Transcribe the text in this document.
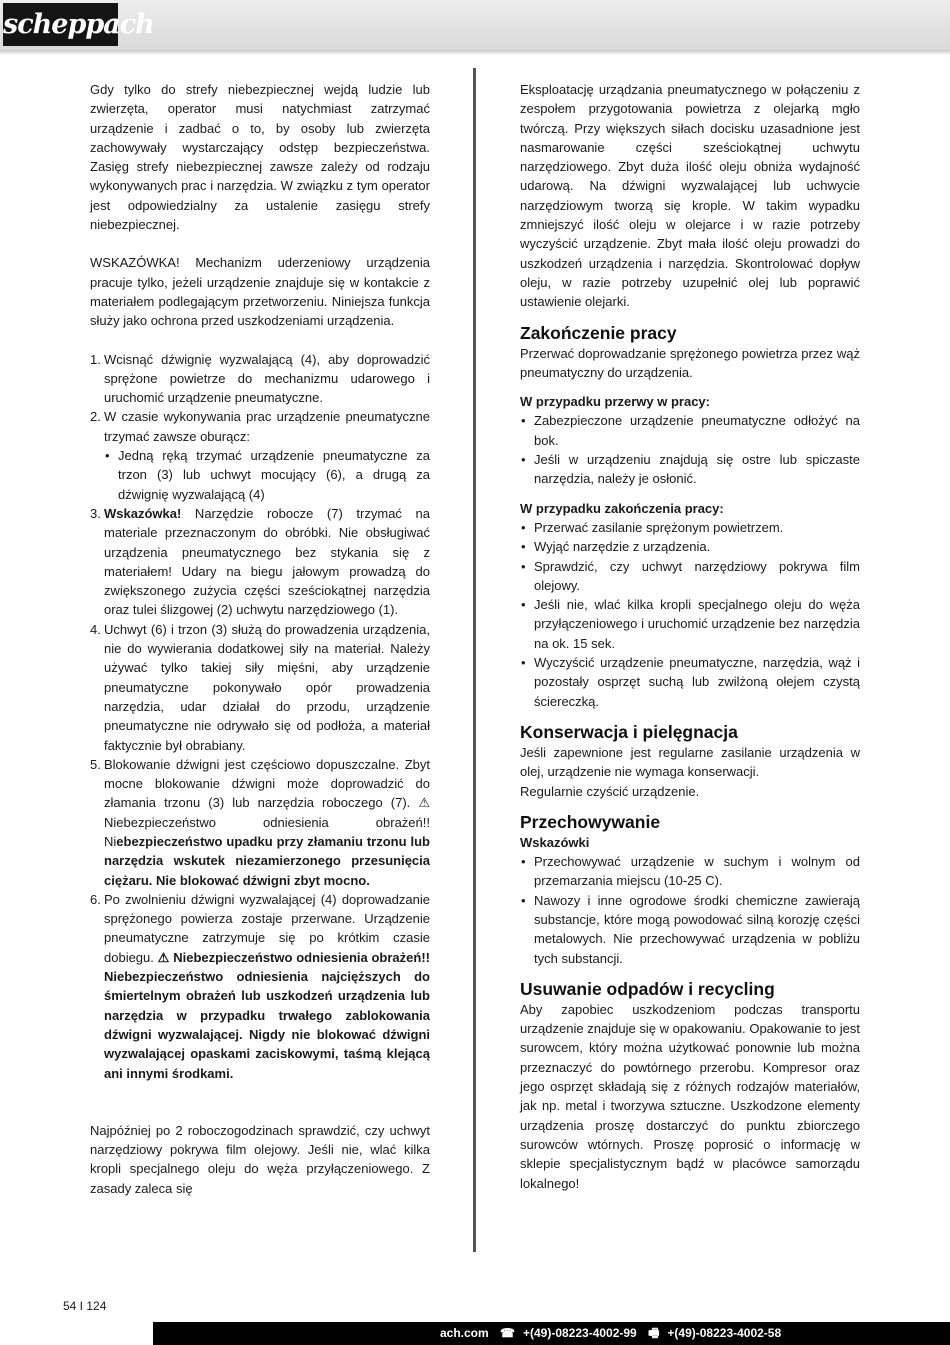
scheppach

Gdy tylko do strefy niebezpiecznej wejdą ludzie lub zwierzęta, operator musi natychmiast zatrzymać urządzenie i zadbać o to, by osoby lub zwierzęta zachowywały wystarczający odstęp bezpieczeństwa. Zasięg strefy niebezpiecznej zawsze zależy od rodzaju wykonywanych prac i narzędzia. W związku z tym operator jest odpowiedzialny za ustalenie zasięgu strefy niebezpiecznej.

WSKAZÓWKA! Mechanizm uderzeniowy urządzenia pracuje tylko, jeżeli urządzenie znajduje się w kontakcie z materiałem podlegającym przetworzeniu. Niniejsza funkcja służy jako ochrona przed uszkodzeniami urządzenia.

1. Wcisnąć dźwignię wyzwalającą (4), aby doprowadzić sprężone powietrze do mechanizmu udarowego i uruchomić urządzenie pneumatyczne.
2. W czasie wykonywania prac urządzenie pneumatyczne trzymać zawsze oburącz:
• Jedną ręką trzymać urządzenie pneumatyczne za trzon (3) lub uchwyt mocujący (6), a drugą za dźwignię wyzwalającą (4)
3. Wskazówka! Narzędzie robocze (7) trzymać na materiale przeznaczonym do obróbki. Nie obsługiwać urządzenia pneumatycznego bez stykania się z materiałem! Udary na biegu jałowym prowadzą do zwiększonego zużycia części sześciokątnej narzędzia oraz tulei ślizgowej (2) uchwytu narzędziowego (1).
4. Uchwyt (6) i trzon (3) służą do prowadzenia urządzenia, nie do wywierania dodatkowej siły na materiał. Należy używać tylko takiej siły mięśni, aby urządzenie pneumatyczne pokonywało opór prowadzenia narzędzia, udar działał do przodu, urządzenie pneumatyczne nie odrywało się od podłoża, a materiał faktycznie był obrabiany.
5. Blokowanie dźwigni jest częściowo dopuszczalne. Zbyt mocne blokowanie dźwigni może doprowadzić do złamania trzonu (3) lub narzędzia roboczego (7). ⚠ Niebezpieczeństwo odniesienia obrażeń!! Niebezpieczeństwo upadku przy złamaniu trzonu lub narzędzia wskutek niezamierzonego przesunięcia ciężaru. Nie blokować dźwigni zbyt mocno.
6. Po zwolnieniu dźwigni wyzwalającej (4) doprowadzanie sprężonego powierza zostaje przerwane. Urządzenie pneumatyczne zatrzymuje się po krótkim czasie dobiegu. ⚠ Niebezpieczeństwo odniesienia obrażeń!! Niebezpieczeństwo odniesienia najcięższych do śmiertelnym obrażeń lub uszkodzeń urządzenia lub narzędzia w przypadku trwałego zablokowania dźwigni wyzwalającej. Nigdy nie blokować dźwigni wyzwalającej opaskami zaciskowymi, taśmą klejącą ani innymi środkami.

Najpóźniej po 2 roboczogodzinach sprawdzić, czy uchwyt narzędziowy pokrywa film olejowy. Jeśli nie, wlać kilka kropli specjalnego oleju do węża przyłączeniowego. Z zasady zaleca się

Eksploatację urządzania pneumatycznego w połączeniu z zespołem przygotowania powietrza z olejarką mgło twórczą. Przy większych siłach docisku uzasadnione jest nasmarowanie części sześciokątnej uchwytu narzędziowego. Zbyt duża ilość oleju obniża wydajność udarową. Na dźwigni wyzwalającej lub uchwycie narzędziowym tworzą się krople. W takim wypadku zmniejszyć ilość oleju w olejarce i w razie potrzeby wyczyścić urządzenie. Zbyt mała ilość oleju prowadzi do uszkodzeń urządzenia i narzędzia. Skontrolować dopływ oleju, w razie potrzeby uzupełnić olej lub poprawić ustawienie olejarki.

Zakończenie pracy

Przerwać doprowadzanie sprężonego powietrza przez wąż pneumatyczny do urządzenia.

W przypadku przerwy w pracy:
• Zabezpieczone urządzenie pneumatyczne odłożyć na bok.
• Jeśli w urządzeniu znajdują się ostre lub spiczaste narzędzia, należy je osłonić.
W przypadku zakończenia pracy:
• Przerwać zasilanie sprężonym powietrzem.
• Wyjąć narzędzie z urządzenia.
• Sprawdzić, czy uchwyt narzędziowy pokrywa film olejowy.
• Jeśli nie, wlać kilka kropli specjalnego oleju do węża przyłączeniowego i uruchomić urządzenie bez narzędzia na ok. 15 sek.
• Wyczyścić urządzenie pneumatyczne, narzędzia, wąż i pozostały osprzęt suchą lub zwilżoną ołejem czystą ściereczką.
Konserwacja i pielęgnacja

Jeśli zapewnione jest regularne zasilanie urządzenia w olej, urządzenie nie wymaga konserwacji.

Regularnie czyścić urządzenie.

Przechowywanie
Wskazówki
• Przechowywać urządzenie w suchym i wolnym od przemarzania miejscu (10-25 C).
• Nawozy i inne ogrodowe środki chemiczne zawierają substancje, które mogą powodować silną korozję części metalowych. Nie przechowywać urządzenia w pobliżu tych substancji.
Usuwanie odpadów i recycling

Aby zapobiec uszkodzeniom podczas transportu urządzenie znajduje się w opakowaniu. Opakowanie to jest surowcem, który można użytkować ponownie lub można przeznaczyć do powtórnego przerobu. Kompresor oraz jego osprzęt składają się z różnych rodzajów materiałów, jak np. metal i tworzywa sztuczne. Uszkodzone elementy urządzenia proszę dostarczyć do punktu zbiorczego surowców wtórnych. Proszę poprosić o informację w sklepie specjalistycznym bądź w placówce samorządu lokalnego!

54 I 124
ach.com ☎ +(49)-08223-4002-99 🖷 +(49)-08223-4002-58
